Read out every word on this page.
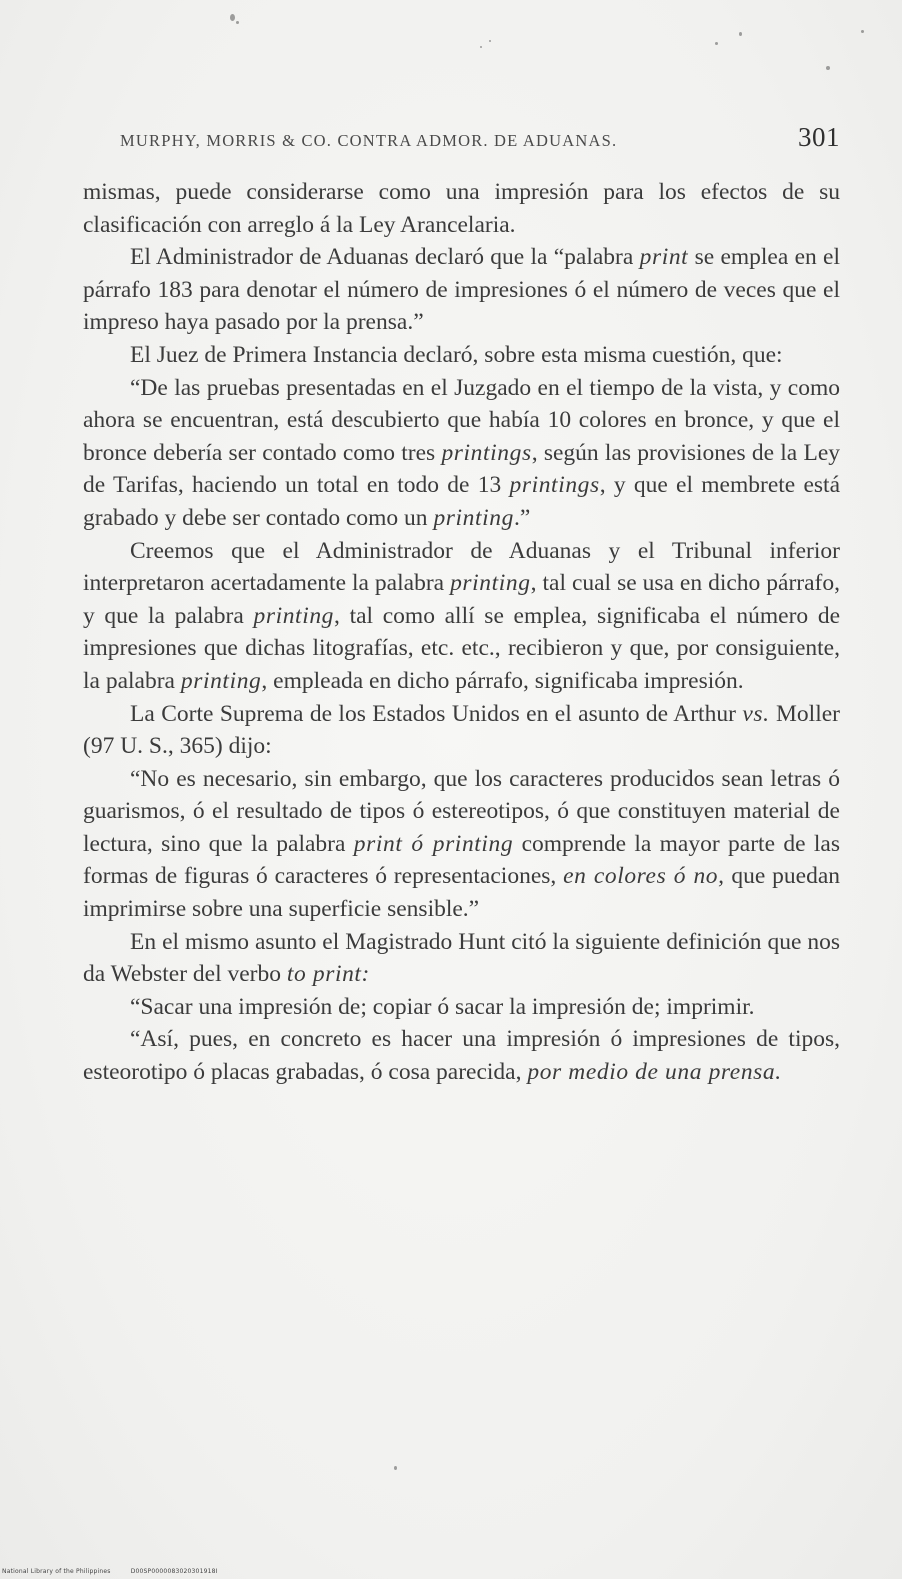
MURPHY, MORRIS & CO. CONTRA ADMOR. DE ADUANAS.	301

mismas, puede considerarse como una impresión para los efectos de su clasificación con arreglo á la Ley Arancelaria.

El Administrador de Aduanas declaró que la “palabra print se emplea en el párrafo 183 para denotar el número de impresiones ó el número de veces que el impreso haya pasado por la prensa.”

El Juez de Primera Instancia declaró, sobre esta misma cuestión, que:

“De las pruebas presentadas en el Juzgado en el tiempo de la vista, y como ahora se encuentran, está descubierto que había 10 colores en bronce, y que el bronce debería ser contado como tres printings, según las provisiones de la Ley de Tarifas, haciendo un total en todo de 13 printings, y que el membrete está grabado y debe ser contado como un printing.”

Creemos que el Administrador de Aduanas y el Tribunal inferior interpretaron acertadamente la palabra printing, tal cual se usa en dicho párrafo, y que la palabra printing, tal como allí se emplea, significaba el número de impresiones que dichas litografías, etc. etc., recibieron y que, por consiguiente, la palabra printing, empleada en dicho párrafo, significaba impresión.

La Corte Suprema de los Estados Unidos en el asunto de Arthur vs. Moller (97 U. S., 365) dijo:

“No es necesario, sin embargo, que los caracteres producidos sean letras ó guarismos, ó el resultado de tipos ó estereotipos, ó que constituyen material de lectura, sino que la palabra print ó printing comprende la mayor parte de las formas de figuras ó caracteres ó representaciones, en colores ó no, que puedan imprimirse sobre una superficie sensible.”

En el mismo asunto el Magistrado Hunt citó la siguiente definición que nos da Webster del verbo to print:

“Sacar una impresión de; copiar ó sacar la impresión de; imprimir.

“Así, pues, en concreto es hacer una impresión ó impresiones de tipos, esteorotipo ó placas grabadas, ó cosa parecida, por medio de una prensa.

National Library of the Philippines	D00SP0000083020301918I
